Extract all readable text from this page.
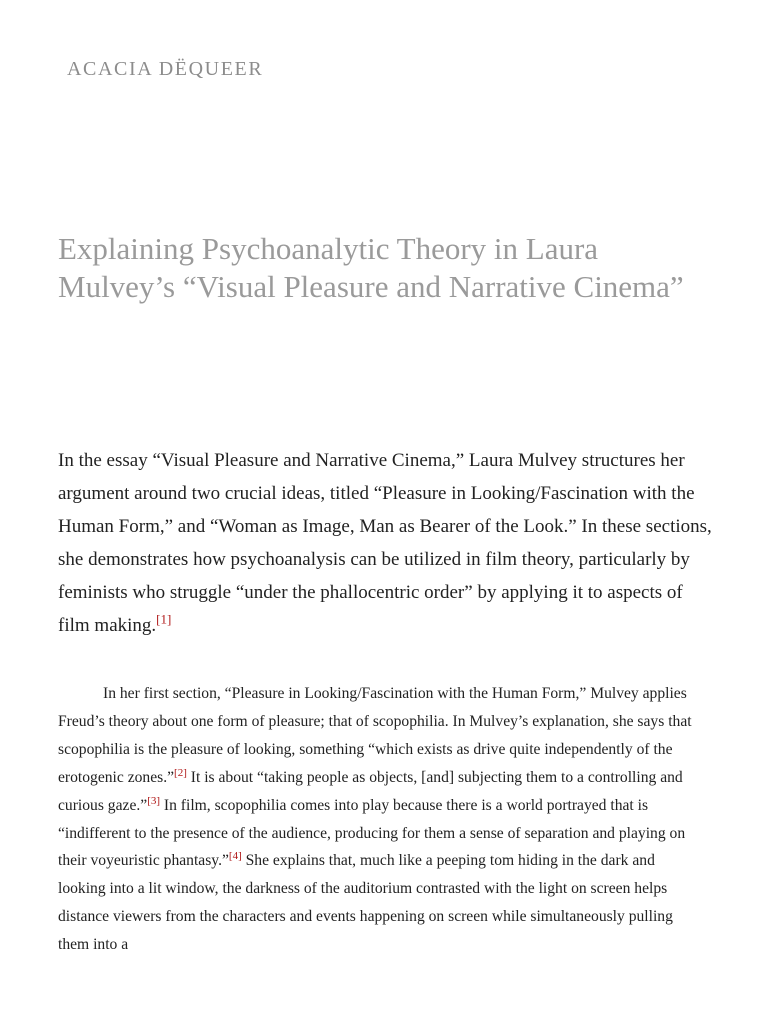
ACACIA DËQUEER
Explaining Psychoanalytic Theory in Laura Mulvey’s “Visual Pleasure and Narrative Cinema”

In the essay “Visual Pleasure and Narrative Cinema,” Laura Mulvey structures her argument around two crucial ideas, titled “Pleasure in Looking/Fascination with the Human Form,” and “Woman as Image, Man as Bearer of the Look.” In these sections, she demonstrates how psychoanalysis can be utilized in film theory, particularly by feminists who struggle “under the phallocentric order” by applying it to aspects of film making.[1]

In her first section, “Pleasure in Looking/Fascination with the Human Form,” Mulvey applies Freud’s theory about one form of pleasure; that of scopophilia. In Mulvey’s explanation, she says that scopophilia is the pleasure of looking, something “which exists as drive quite independently of the erotogenic zones.”[2] It is about “taking people as objects, [and] subjecting them to a controlling and curious gaze.”[3] In film, scopophilia comes into play because there is a world portrayed that is “indifferent to the presence of the audience, producing for them a sense of separation and playing on their voyeuristic phantasy.”[4] She explains that, much like a peeping tom hiding in the dark and looking into a lit window, the darkness of the auditorium contrasted with the light on screen helps distance viewers from the characters and events happening on screen while simultaneously pulling them into a
